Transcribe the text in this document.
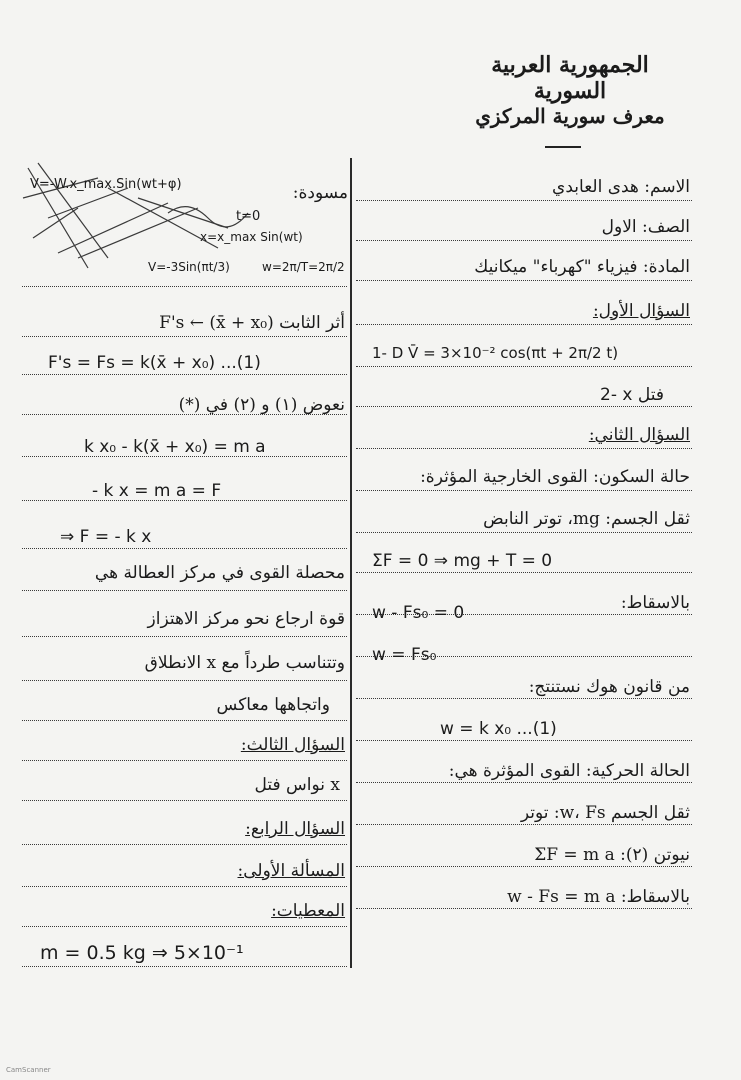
الجمهورية العربية السورية
معرف سورية المركزي
مسودة:
V=-W.x_max.Sin(wt+φ)
t=0
x=x_max Sin(wt)
V=-3Sin(πt/3)	w=2π/T=2π/2
أثر الثابت F's ← (x̄ + x₀)
F's = Fs = k(x̄ + x₀) ...(1)
نعوض (١) و (٢) في (*)
k x₀ - k(x̄ + x₀) = m a
- k x = m a = F
⇒ F = - k x
محصلة القوى في مركز العطالة هي
قوة ارجاع نحو مركز الاهتزاز
وتتناسب طرداً مع x الانطلاق
واتجاهها معاكس
السؤال الثالث:
x نواس فتل
السؤال الرابع:
المسألة الأولى:
المعطيات:
m = 0.5 kg ⇒ 5×10⁻¹
الاسم: هدى العابدي
الصف: الاول
المادة: فيزياء "كهرباء" ميكانيك
السؤال الأول:
1- D V̄ = 3×10⁻² cos(πt + 2π/2 t)
2- x فتل
السؤال الثاني:
حالة السكون: القوى الخارجية المؤثرة:
ثقل الجسم: mg، توتر النابض
ΣF = 0 ⇒ mg + T = 0
بالاسقاط:
w - Fs₀ = 0
w = Fs₀
من قانون هوك نستنتج:
w = k x₀ ...(1)
الحالة الحركية: القوى المؤثرة هي:
ثقل الجسم w، Fs: توتر
نيوتن (٢): ΣF = m a
بالاسقاط: w - Fs = m a
CamScanner
